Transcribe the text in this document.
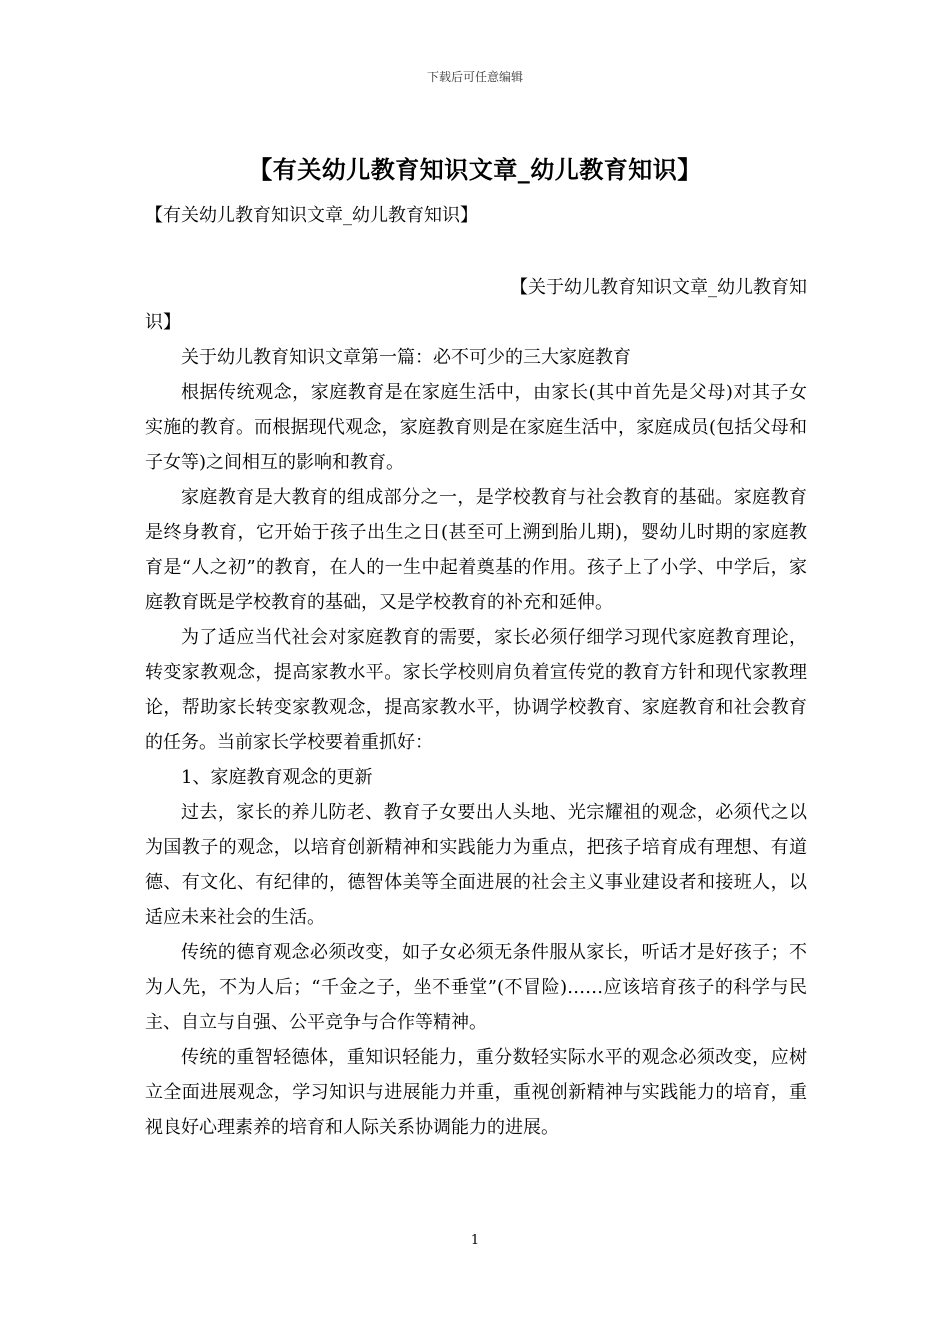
下载后可任意编辑
【有关幼儿教育知识文章_幼儿教育知识】

【有关幼儿教育知识文章_幼儿教育知识】

【关于幼儿教育知识文章_幼儿教育知
识】

关于幼儿教育知识文章第一篇：必不可少的三大家庭教育

根据传统观念，家庭教育是在家庭生活中，由家长(其中首先是父母)对其子女实施的教育。而根据现代观念，家庭教育则是在家庭生活中，家庭成员(包括父母和子女等)之间相互的影响和教育。

家庭教育是大教育的组成部分之一，是学校教育与社会教育的基础。家庭教育是终身教育，它开始于孩子出生之日(甚至可上溯到胎儿期)，婴幼儿时期的家庭教育是“人之初”的教育，在人的一生中起着奠基的作用。孩子上了小学、中学后，家庭教育既是学校教育的基础，又是学校教育的补充和延伸。

为了适应当代社会对家庭教育的需要，家长必须仔细学习现代家庭教育理论，转变家教观念，提高家教水平。家长学校则肩负着宣传党的教育方针和现代家教理论，帮助家长转变家教观念，提高家教水平，协调学校教育、家庭教育和社会教育的任务。当前家长学校要着重抓好：

1、家庭教育观念的更新

过去，家长的养儿防老、教育子女要出人头地、光宗耀祖的观念，必须代之以为国教子的观念，以培育创新精神和实践能力为重点，把孩子培育成有理想、有道德、有文化、有纪律的，德智体美等全面进展的社会主义事业建设者和接班人，以适应未来社会的生活。

传统的德育观念必须改变，如子女必须无条件服从家长，听话才是好孩子；不为人先，不为人后；“千金之子，坐不垂堂”(不冒险)……应该培育孩子的科学与民主、自立与自强、公平竞争与合作等精神。

传统的重智轻德体，重知识轻能力，重分数轻实际水平的观念必须改变，应树立全面进展观念，学习知识与进展能力并重，重视创新精神与实践能力的培育，重视良好心理素养的培育和人际关系协调能力的进展。

1
